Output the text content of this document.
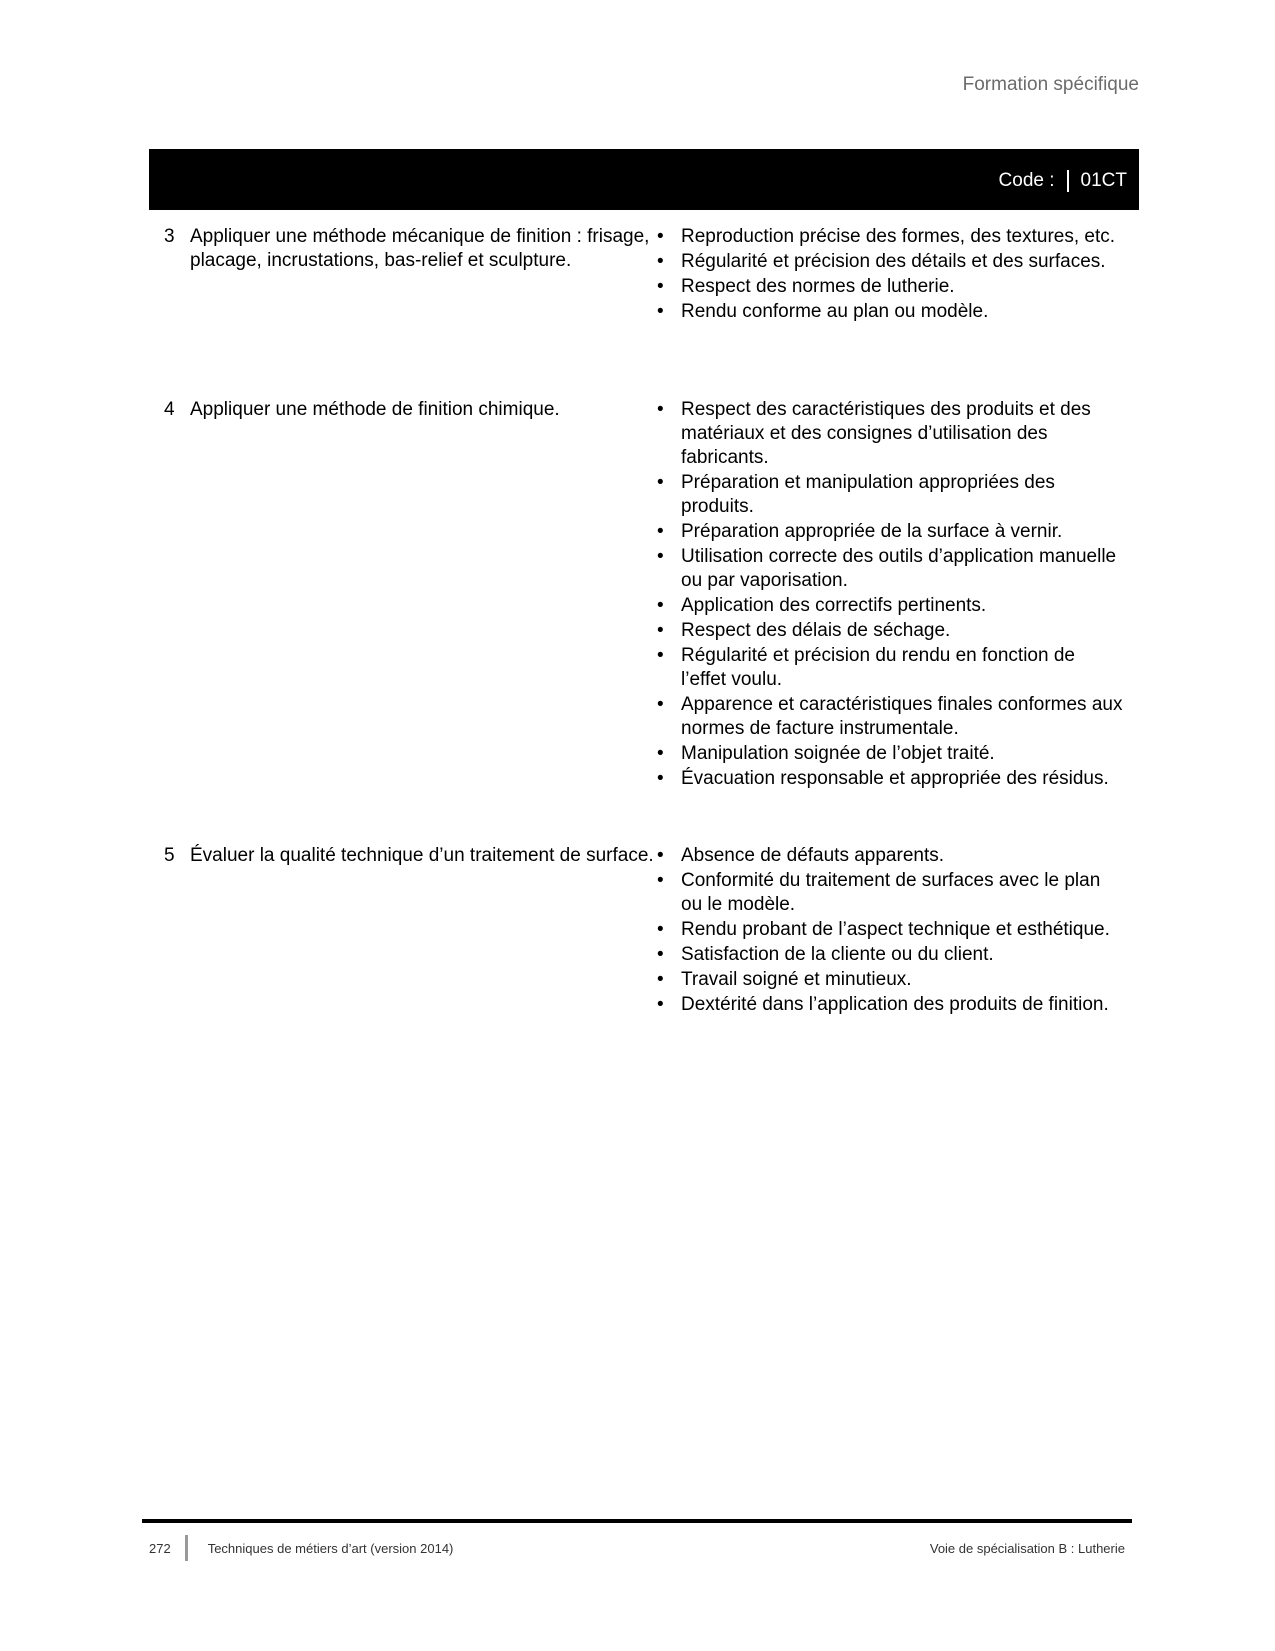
Formation spécifique
Code : 01CT
3 Appliquer une méthode mécanique de finition : frisage, placage, incrustations, bas-relief et sculpture.
• Reproduction précise des formes, des textures, etc.
• Régularité et précision des détails et des surfaces.
• Respect des normes de lutherie.
• Rendu conforme au plan ou modèle.
4 Appliquer une méthode de finition chimique.	• Respect des caractéristiques des produits et des matériaux et des consignes d’utilisation des fabricants.
• Préparation et manipulation appropriées des produits.
• Préparation appropriée de la surface à vernir.
• Utilisation correcte des outils d’application manuelle ou par vaporisation.
• Application des correctifs pertinents.
• Respect des délais de séchage.
• Régularité et précision du rendu en fonction de l’effet voulu.
• Apparence et caractéristiques finales conformes aux normes de facture instrumentale.
• Manipulation soignée de l’objet traité.
• Évacuation responsable et appropriée des résidus.
5 Évaluer la qualité technique d’un traitement de surface.	• Absence de défauts apparents.
• Conformité du traitement de surfaces avec le plan ou le modèle.
• Rendu probant de l’aspect technique et esthétique.
• Satisfaction de la cliente ou du client.
• Travail soigné et minutieux.
• Dextérité dans l’application des produits de finition.
272	Techniques de métiers d’art (version 2014)	Voie de spécialisation B : Lutherie
